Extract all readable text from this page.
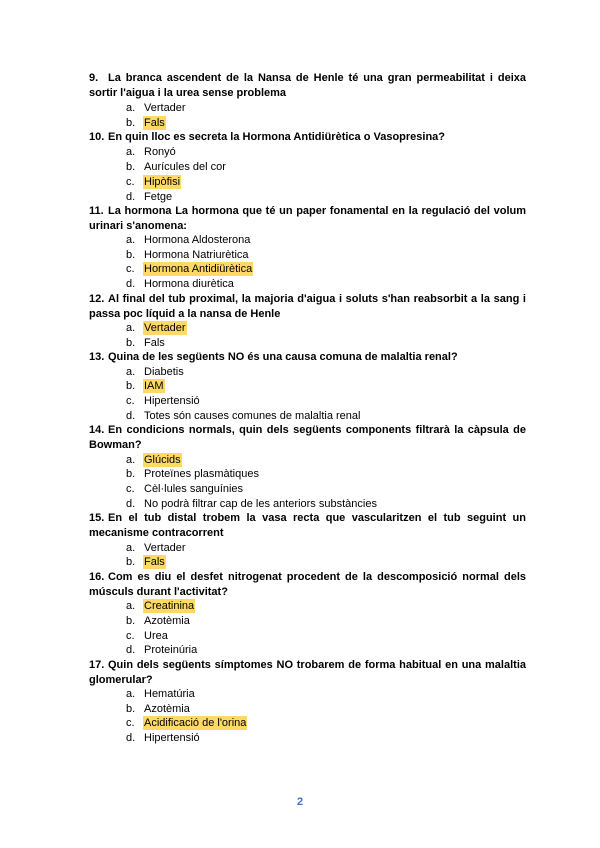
2
9. La branca ascendent de la Nansa de Henle té una gran permeabilitat i deixa sortir l'aigua i la urea sense problema
a. Vertader
b. Fals
10. En quin lloc es secreta la Hormona Antidiürètica o Vasopresina?
a. Ronyó
b. Aurícules del cor
c. Hipòfisi
d. Fetge
11. La hormona La hormona que té un paper fonamental en la regulació del volum urinari s'anomena:
a. Hormona Aldosterona
b. Hormona Natriurètica
c. Hormona Antidiürètica
d. Hormona diurètica
12. Al final del tub proximal, la majoria d'aigua i soluts s'han reabsorbit a la sang i passa poc líquid a la nansa de Henle
a. Vertader
b. Fals
13. Quina de les següents NO és una causa comuna de malaltia renal?
a. Diabetis
b. IAM
c. Hipertensió
d. Totes són causes comunes de malaltia renal
14. En condicions normals, quin dels següents components filtrarà la càpsula de Bowman?
a. Glúcids
b. Proteïnes plasmàtiques
c. Cèl·lules sanguínies
d. No podrà filtrar cap de les anteriors substàncies
15. En el tub distal trobem la vasa recta que vascularitzen el tub seguint un mecanisme contracorrent
a. Vertader
b. Fals
16. Com es diu el desfet nitrogenat procedent de la descomposició normal dels músculs durant l'activitat?
a. Creatinina
b. Azotèmia
c. Urea
d. Proteinúria
17. Quin dels següents símptomes NO trobarem de forma habitual en una malaltia glomerular?
a. Hematúria
b. Azotèmia
c. Acidificació de l'orina
d. Hipertensió
